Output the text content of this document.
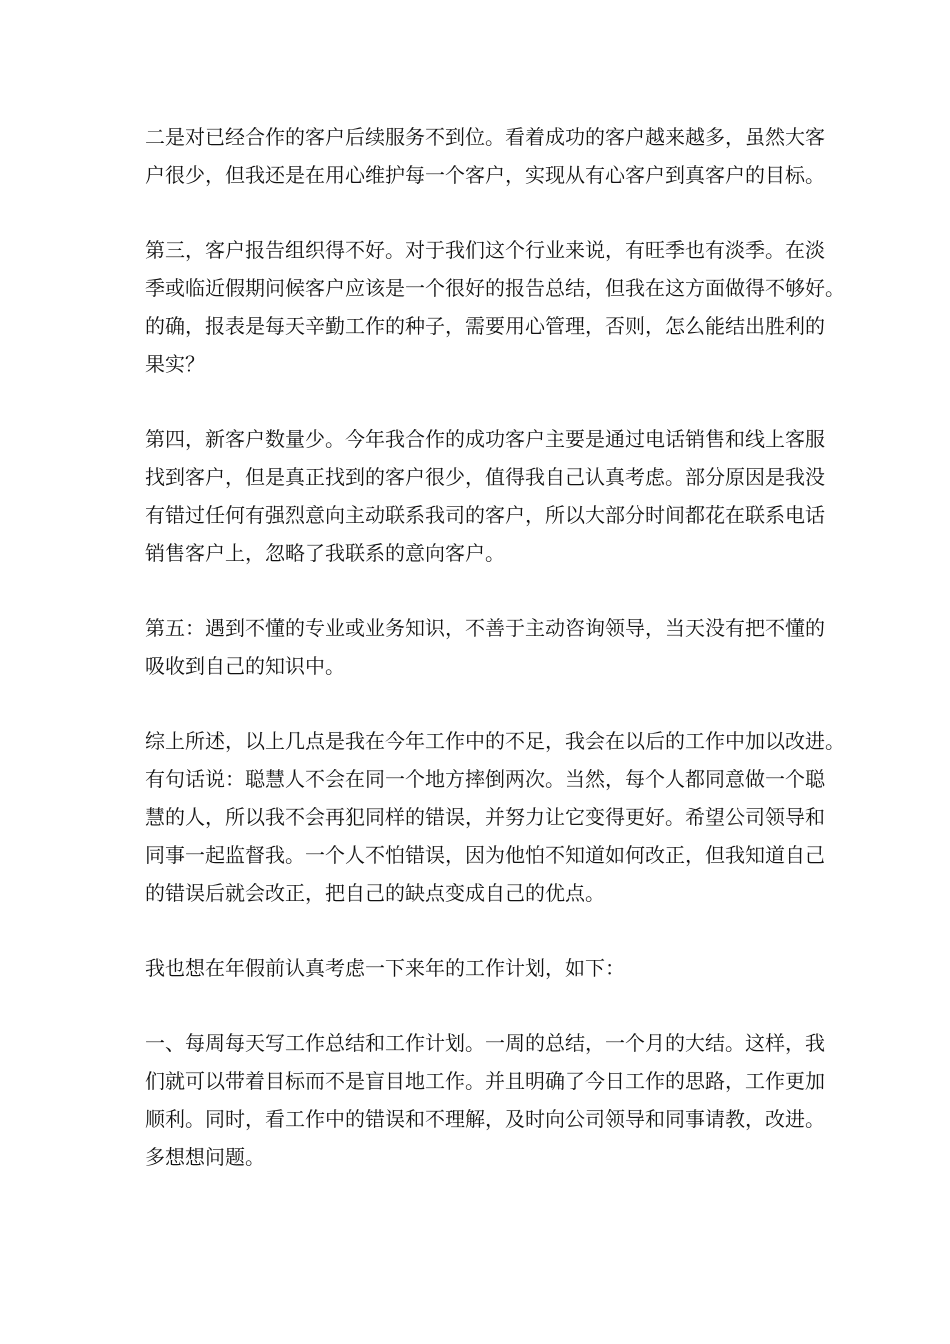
二是对已经合作的客户后续服务不到位。看着成功的客户越来越多，虽然大客
户很少，但我还是在用心维护每一个客户，实现从有心客户到真客户的目标。

第三，客户报告组织得不好。对于我们这个行业来说，有旺季也有淡季。在淡
季或临近假期问候客户应该是一个很好的报告总结，但我在这方面做得不够好。
的确，报表是每天辛勤工作的种子，需要用心管理，否则，怎么能结出胜利的
果实？

第四，新客户数量少。今年我合作的成功客户主要是通过电话销售和线上客服
找到客户，但是真正找到的客户很少，值得我自己认真考虑。部分原因是我没
有错过任何有强烈意向主动联系我司的客户，所以大部分时间都花在联系电话
销售客户上，忽略了我联系的意向客户。

第五：遇到不懂的专业或业务知识，不善于主动咨询领导，当天没有把不懂的
吸收到自己的知识中。

综上所述，以上几点是我在今年工作中的不足，我会在以后的工作中加以改进。
有句话说：聪慧人不会在同一个地方摔倒两次。当然，每个人都同意做一个聪
慧的人，所以我不会再犯同样的错误，并努力让它变得更好。希望公司领导和
同事一起监督我。一个人不怕错误，因为他怕不知道如何改正，但我知道自己
的错误后就会改正，把自己的缺点变成自己的优点。

我也想在年假前认真考虑一下来年的工作计划，如下：

一、每周每天写工作总结和工作计划。一周的总结，一个月的大结。这样，我
们就可以带着目标而不是盲目地工作。并且明确了今日工作的思路，工作更加
顺利。同时，看工作中的错误和不理解，及时向公司领导和同事请教，改进。
多想想问题。
